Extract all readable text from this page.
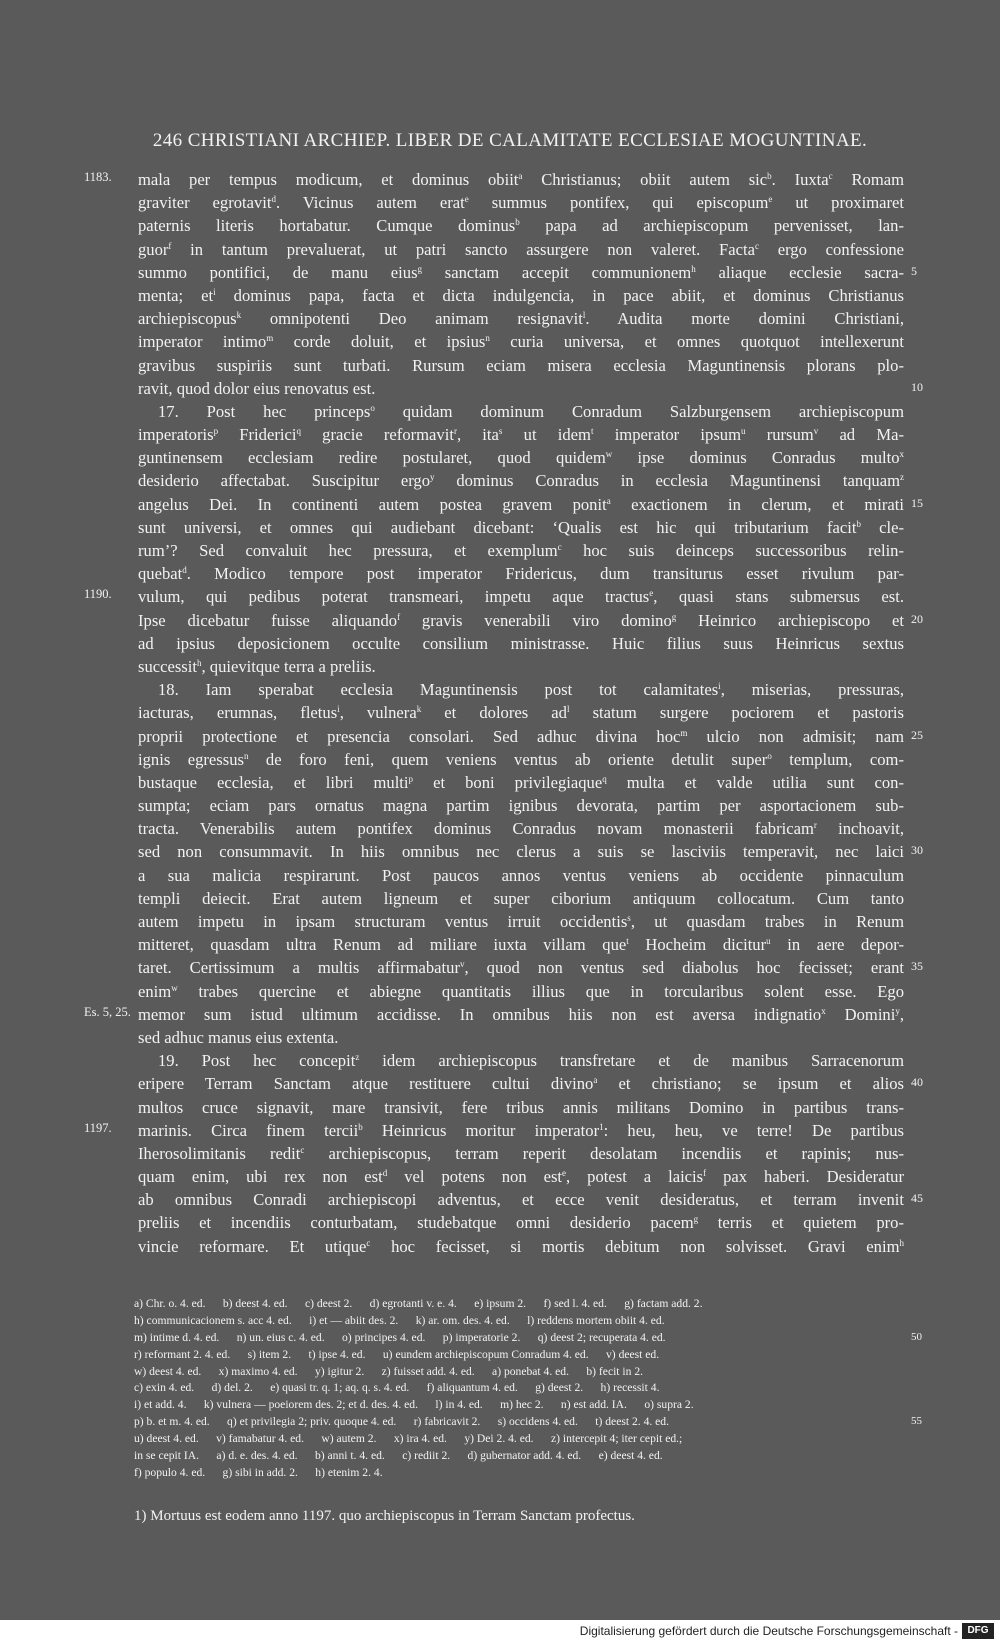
246 CHRISTIANI ARCHIEP. LIBER DE CALAMITATE ECCLESIAE MOGUNTINAE.
1183.	mala per tempus modicum, et dominus obiit$^a$ Christianus; obiit autem sic$^b$. Iuxta$^c$ Romam
graviter egrotavit$^d$. Vicinus autem erat$^e$ summus pontifex, qui episcopum$^e$ ut proximaret
paternis literis hortabatur. Cumque dominus$^b$ papa ad archiepiscopum pervenisset, lan-
guor$^f$ in tantum prevaluerat, ut patri sancto assurgere non valeret. Facta$^c$ ergo confessione
summo pontifici, de manu eius$^g$ sanctam accepit communionem$^h$ aliaque ecclesie sacra- 5
menta; $et^i$ dominus papa, facta et dicta indulgencia, in pace abiit, et dominus Christianus
archiepiscopus$^k$ omnipotenti Deo animam resignavit$^l$. Audita morte domini Christiani,
imperator intimo$^m$ corde doluit, et ipsius$^n$ curia universa, et omnes quotquot intellexerunt
gravibus suspiriis sunt turbati. Rursum eciam misera ecclesia Maguntinensis plorans plo-
ravit, quod dolor eius renovatus est.	10
17. Post hec princeps$^o$ quidam dominum Conradum Salzburgensem archiepiscopum
imperatoris$^p$ Friderici$^q$ gracie reformavit$^r$, ita$^s$ ut idem$^t$ imperator ipsum$^u$ rursum$^v$ ad Ma-
guntinensem ecclesiam redire postularet, quod quidem$^w$ ipse dominus Conradus multo$^x$
desiderio affectabat. Suscipitur ergo$^y$ dominus Conradus in ecclesia Maguntinensi tanquam$^z$
angelus Dei. In continenti autem postea gravem ponit$^a$ exactionem in clerum, et mirati 15
sunt universi, et omnes qui audiebant dicebant: ‘Qualis est hic qui tributarium facit$^b$ cle-
rum’? Sed convaluit hec pressura, et exemplum$^c$ hoc suis deinceps successoribus relin-
quebat$^d$. Modico tempore post imperator Fridericus, dum transiturus esset rivulum par-
1190.	vulum, qui pedibus poterat transmeari, impetu aque tractus$^e$, quasi stans submersus est.
Ipse dicebatur fuisse aliquando$^f$ gravis venerabili viro domino$^g$ Heinrico archiepiscopo et 20
ad ipsius deposicionem occulte consilium ministrasse. Huic filius suus Heinricus sextus
successit$^h$, quievitque terra a preliis.
18. Iam sperabat ecclesia Maguntinensis post tot calamitates$^i$, miserias, pressuras,
iacturas, erumnas, fletus$^i$, vulnera$^k$ et dolores $ad^l$ statum surgere pociorem et pastoris
proprii protectione et presencia consolari. Sed adhuc divina hoc$^m$ ulcio non admisit; nam 25
ignis egressus$^n$ de foro feni, quem veniens ventus ab oriente detulit super$^o$ templum, com-
bustaque ecclesia, et libri multi$^p$ et boni privilegiaque$^q$ multa et valde utilia sunt con-
sumpta; eciam pars ornatus magna partim ignibus devorata, partim per asportacionem sub-
tracta. Venerabilis autem pontifex dominus Conradus novam monasterii fabricam$^r$ inchoavit,
sed non consummavit. In hiis omnibus nec clerus a suis se lasciviis temperavit, nec laici 30
a sua malicia respirarunt. Post paucos annos ventus veniens ab occidente pinnaculum
templi deiecit. Erat autem ligneum et super ciborium antiquum collocatum. Cum tanto
autem impetu in ipsam structuram ventus irruit occidentis$^s$, ut quasdam trabes in Renum
mitteret, quasdam ultra Renum ad miliare iuxta villam que$^t$ Hocheim dicitur$^u$ in aere depor-
taret. Certissimum a multis affirmabatur$^v$, quod non ventus sed diabolus hoc fecisset; erant 35
enim$^w$ trabes quercine et abiegne quantitatis illius que in torcularibus solent esse. Ego
Es. 5, 25. memor sum istud ultimum accidisse. In omnibus hiis non est aversa indignatio$^x$ Domini$^y$,
sed adhuc manus eius extenta.
19. Post hec concepit$^z$ idem archiepiscopus transfretare et de manibus Sarracenorum
eripere Terram Sanctam atque restituere cultui divino$^a$ et christiano; se ipsum et alios 40
multos cruce signavit, mare transivit, fere tribus annis militans Domino in partibus trans-
1197.	marinis. Circa finem tercii$^b$ Heinricus moritur imperator$^1$: heu, heu, ve terre! De partibus
Iherosolimitanis redit$^c$ archiepiscopus, terram reperit desolatam incendiis et rapinis; nus-
quam enim, ubi rex non est$^d$ vel potens non est$^e$, potest a laicis$^f$ pax haberi. Desideratur
ab omnibus Conradi archiepiscopi adventus, et ecce venit desideratus, et terram invenit 45
preliis et incendiis conturbatam, studebatque omni desiderio pacem$^g$ terris et quietem pro-
vincie reformare. Et utique$^c$ hoc fecisset, si mortis debitum non solvisset. Gravi enim$^h$
a) Chr. o. 4. ed.      b) deest 4. ed.      c) deest 2.      d) egrotanti v. e. 4.      e) ipsum 2.      f) sed l. 4. ed.      g) factam add. 2.
h) communicacionem s. acc 4. ed.      i) et — abiit des. 2.      k) ar. om. des. 4. ed.      l) reddens mortem obiit 4. ed.
m) intime d. 4. ed.      n) un. eius c. 4. ed.      o) principes 4. ed.      p) imperatorie 2.      q) deest 2; recuperata 4. ed.	50
r) reformant 2. 4. ed.      s) item 2.      t) ipse 4. ed.      u) eundem archiepiscopum Conradum 4. ed.      v) deest ed.
w) deest 4. ed.      x) maximo 4. ed.      y) igitur 2.      z) fuisset add. 4. ed.      a) ponebat 4. ed.      b) fecit in 2.
c) exin 4. ed.      d) del. 2.      e) quasi tr. q. 1; aq. q. s. 4. ed.      f) aliquantum 4. ed.      g) deest 2.      h) recessit 4.
i) et add. 4.      k) vulnera — poeiorem des. 2; et d. des. 4. ed.      l) in 4. ed.      m) hec 2.      n) est add. IA.      o) supra 2.
p) b. et m. 4. ed.      q) et privilegia 2; priv. quoque 4. ed.      r) fabricavit 2.      s) occidens 4. ed.      t) deest 2. 4. ed.	55
u) deest 4. ed.      v) famabatur 4. ed.      w) autem 2.      x) ira 4. ed.      y) Dei 2. 4. ed.      z) intercepit 4; iter cepit ed.;
in se cepit IA.      a) d. e. des. 4. ed.      b) anni t. 4. ed.      c) rediit 2.      d) gubernator add. 4. ed.      e) deest 4. ed.
f) populo 4. ed.      g) sibi in add. 2.      h) etenim 2. 4.
1) Mortuus est eodem anno 1197. quo archiepiscopus in Terram Sanctam profectus.
Digitalisierung gefördert durch die Deutsche Forschungsgemeinschaft - DFG
